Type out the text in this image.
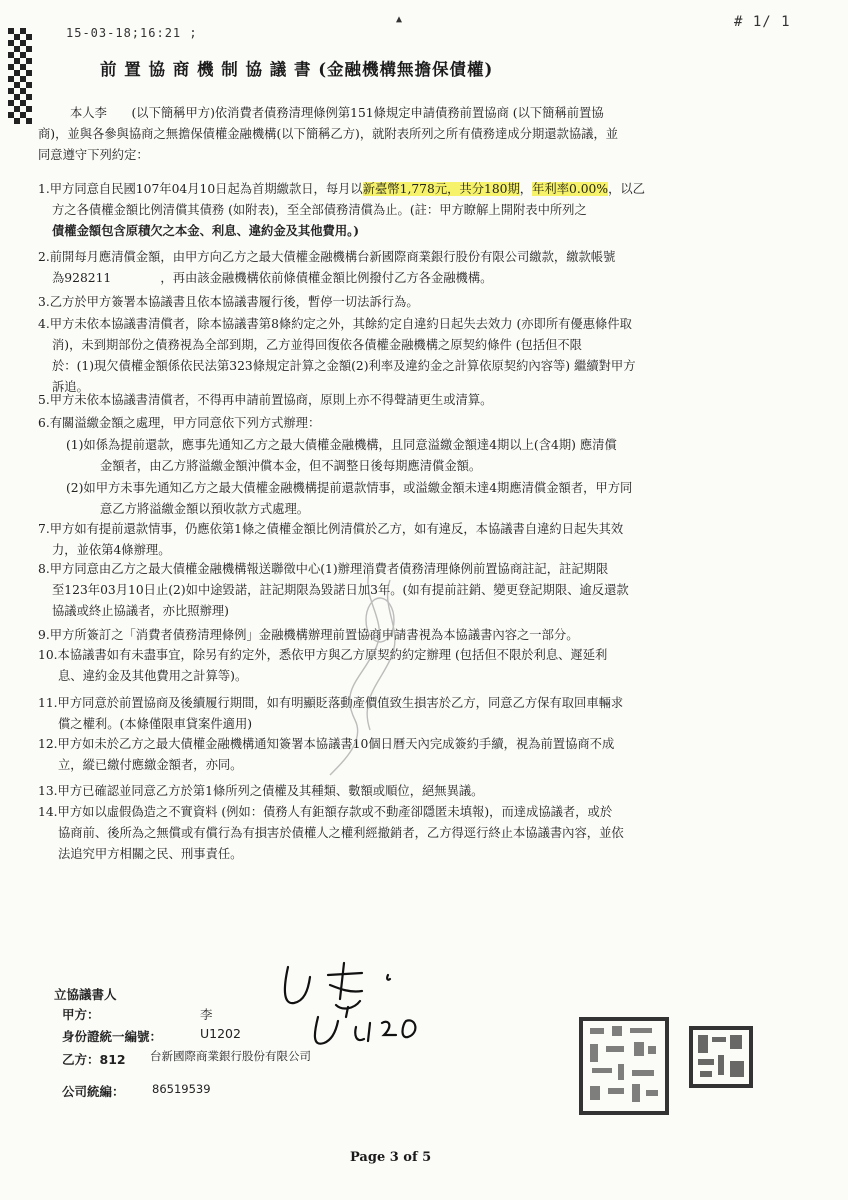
15-03-18;16:21 ;
▲	# 1/ 1
前 置 協 商 機 制 協 議 書 (金融機構無擔保債權)
本人李　　(以下簡稱甲方)依消費者債務清理條例第151條規定申請債務前置協商 (以下簡稱前置協
商)，並與各參與協商之無擔保債權金融機構(以下簡稱乙方)，就附表所列之所有債務達成分期還款協議，並
同意遵守下列約定：
1.甲方同意自民國107年04月10日起為首期繳款日，每月以新臺幣1,778元，共分180期，年利率0.00%，以乙
方之各債權金額比例清償其債務 (如附表)，至全部債務清償為止。(註：甲方瞭解上開附表中所列之
債權金額包含原積欠之本金、利息、違約金及其他費用。)
2.前開每月應清償金額，由甲方向乙方之最大債權金融機構台新國際商業銀行股份有限公司繳款，繳款帳號
為928211　　　　，再由該金融機構依前條債權金額比例撥付乙方各金融機構。
3.乙方於甲方簽署本協議書且依本協議書履行後，暫停一切法訴行為。
4.甲方未依本協議書清償者，除本協議書第8條約定之外，其餘約定自違約日起失去效力 (亦即所有優惠條件取
消)，未到期部份之債務視為全部到期，乙方並得回復依各債權金融機構之原契約條件 (包括但不限
於：(1)現欠債權金額係依民法第323條規定計算之金額(2)利率及違約金之計算依原契約內容等) 繼續對甲方
訴追。
5.甲方未依本協議書清償者，不得再申請前置協商，原則上亦不得聲請更生或清算。
6.有關溢繳金額之處理，甲方同意依下列方式辦理：
(1)如係為提前還款，應事先通知乙方之最大債權金融機構，且同意溢繳金額達4期以上(含4期) 應清償
金額者，由乙方將溢繳金額沖償本金，但不調整日後每期應清償金額。
(2)如甲方未事先通知乙方之最大債權金融機構提前還款情事，或溢繳金額未達4期應清償金額者，甲方同
意乙方將溢繳金額以預收款方式處理。
7.甲方如有提前還款情事，仍應依第1條之債權金額比例清償於乙方，如有違反，本協議書自違約日起失其效
力，並依第4條辦理。
8.甲方同意由乙方之最大債權金融機構報送聯徵中心(1)辦理消費者債務清理條例前置協商註記，註記期限
至123年03月10日止(2)如中途毀諾，註記期限為毀諾日加3年。(如有提前註銷、變更登記期限、逾反還款
協議或終止協議者，亦比照辦理)
9.甲方所簽訂之「消費者債務清理條例」金融機構辦理前置協商申請書視為本協議書內容之一部分。
10.本協議書如有未盡事宜，除另有約定外，悉依甲方與乙方原契約約定辦理 (包括但不限於利息、遲延利
息、違約金及其他費用之計算等)。
11.甲方同意於前置協商及後續履行期間，如有明顯貶落動產價值致生損害於乙方，同意乙方保有取回車輛求
償之權利。(本條僅限車貸案件適用)
12.甲方如未於乙方之最大債權金融機構通知簽署本協議書10個日曆天內完成簽約手續，視為前置協商不成
立，縱已繳付應繳金額者，亦同。
13.甲方已確認並同意乙方於第1條所列之債權及其種類、數額或順位，絕無異議。
14.甲方如以虛假偽造之不實資料 (例如：債務人有鉅額存款或不動產卻隱匿未填報)，而達成協議者，或於
協商前、後所為之無償或有償行為有損害於債權人之權利經撤銷者，乙方得逕行終止本協議書內容，並依
法追究甲方相關之民、刑事責任。
立協議書人
甲方：	李
身份證統一編號：	U1202
乙方：812 台新國際商業銀行股份有限公司
公司統編： 86519539
Page 3 of 5
